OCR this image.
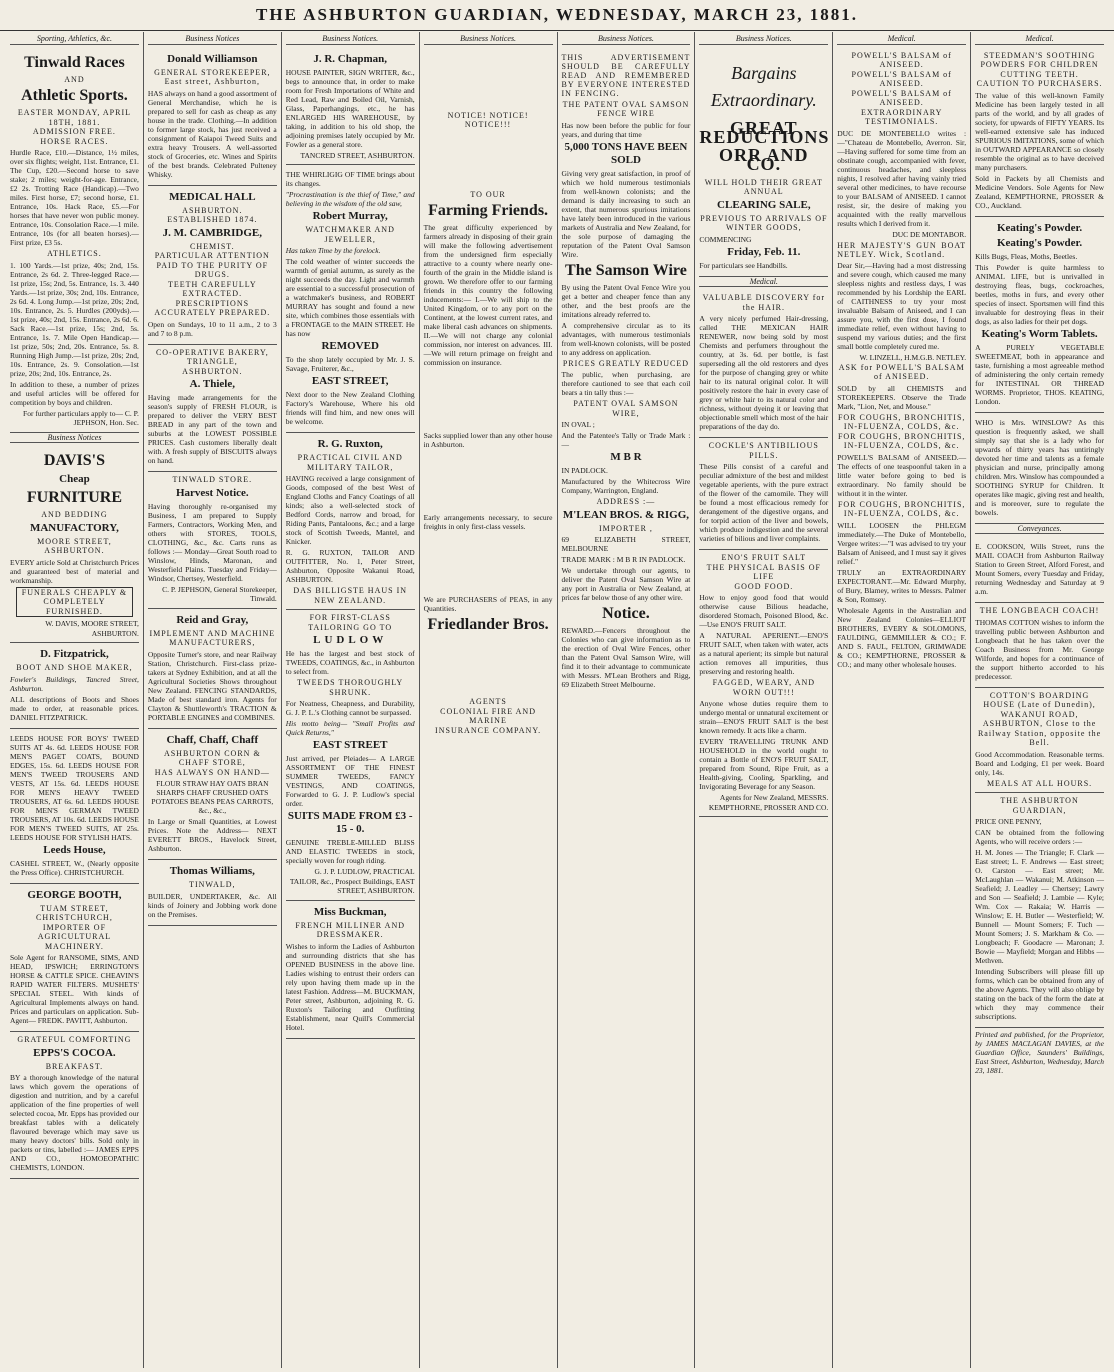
THE ASHBURTON GUARDIAN, WEDNESDAY, MARCH 23, 1881.
Sporting, Athletics, &c.
Tinwald Races
AND
Athletic Sports.
EASTER MONDAY, APRIL 18TH, 1881.
ADMISSION FREE.
HORSE RACES.
Hurdle Race, £10.—Distance, 1½ miles, over six flights; weight, 11st. Entrance, £1. The Cup, £20.—Second horse to save stake; 2 miles; weight-for-age. Entrance, £2 2s. Trotting Race (Handicap).—Two miles. First horse, £7; second horse, £1. Entrance, 10s. Hack Race, £5.—For horses that have never won public money. Entrance, 10s. Consolation Race.—1 mile. Entrance, 10s (for all beaten horses).—First prize, £3 5s.
ATHLETICS.
1. 100 Yards.—1st prize, 40s; 2nd, 15s. Entrance, 2s 6d. 2. Three-legged Race.—1st prize, 15s; 2nd, 5s. Entrance, 1s. 3. 440 Yards.—1st prize, 30s; 2nd, 10s. Entrance, 2s 6d. 4. Long Jump.—1st prize, 20s; 2nd, 10s. Entrance, 2s. 5. Hurdles (200yds).—1st prize, 40s; 2nd, 15s. Entrance, 2s 6d. 6. Sack Race.—1st prize, 15s; 2nd, 5s. Entrance, 1s. 7. Mile Open Handicap.—1st prize, 50s; 2nd, 20s. Entrance, 5s. 8. Running High Jump.—1st prize, 20s; 2nd, 10s. Entrance, 2s. 9. Consolation.—1st prize, 20s; 2nd, 10s. Entrance, 2s.
In addition to these, a number of prizes and useful articles will be offered for competition by boys and children.
For further particulars apply to— C. P. JEPHSON, Hon. Sec.
Business Notices
DAVIS'S
Cheap
FURNITURE
AND BEDDING
MANUFACTORY,
MOORE STREET, ASHBURTON.
EVERY article Sold at Christchurch Prices and guaranteed best of material and workmanship.
FUNERALS CHEAPLY & COMPLETELY FURNISHED.
W. DAVIS, MOORE STREET, ASHBURTON.
D. Fitzpatrick,
BOOT AND SHOE MAKER,
Fowler's Buildings, Tancred Street, Ashburton.
ALL descriptions of Boots and Shoes made to order, at reasonable prices. DANIEL FITZPATRICK.
LEEDS HOUSE FOR BOYS' TWEED SUITS AT 4s. 6d. LEEDS HOUSE FOR MEN'S PAGET COATS, BOUND EDGES, 15s. 6d. LEEDS HOUSE FOR MEN'S TWEED TROUSERS AND VESTS, AT 15s. 6d. LEEDS HOUSE FOR MEN'S HEAVY TWEED TROUSERS, AT 6s. 6d. LEEDS HOUSE FOR MEN'S GERMAN TWEED TROUSERS, AT 10s. 6d. LEEDS HOUSE FOR MEN'S TWEED SUITS, AT 25s. LEEDS HOUSE FOR STYLISH HATS.
Leeds House,
CASHEL STREET, W., (Nearly opposite the Press Office). CHRISTCHURCH.
GEORGE BOOTH,
TUAM STREET, CHRISTCHURCH,
IMPORTER OF AGRICULTURAL MACHINERY.
Sole Agent for RANSOME, SIMS, AND HEAD, IPSWICH; ERRINGTON'S HORSE & CATTLE SPICE. CHEAVIN'S RAPID WATER FILTERS. MUSHETS' SPECIAL STEEL. With kinds of Agricultural Implements always on hand. Prices and particulars on application. Sub-Agent— FREDK. PAVITT, Ashburton.
GRATEFUL COMFORTING
EPPS'S COCOA.
BREAKFAST.
BY a thorough knowledge of the natural laws which govern the operations of digestion and nutrition, and by a careful application of the fine properties of well selected cocoa, Mr. Epps has provided our breakfast tables with a delicately flavoured beverage which may save us many heavy doctors' bills. Sold only in packets or tins, labelled :— JAMES EPPS AND CO., HOMOEOPATHIC CHEMISTS, LONDON.
Business Notices
Donald Williamson
GENERAL STOREKEEPER, East street, Ashburton,
HAS always on hand a good assortment of General Merchandise, which he is prepared to sell for cash as cheap as any house in the trade. Clothing.—In addition to former large stock, has just received a consignment of Kaiapoi Tweed Suits and extra heavy Trousers. A well-assorted stock of Groceries, etc. Wines and Spirits of the best brands. Celebrated Pulteney Whisky.
MEDICAL HALL
ASHBURTON.
ESTABLISHED 1874.
J. M. CAMBRIDGE,
CHEMIST.
PARTICULAR ATTENTION PAID TO THE PURITY OF DRUGS.
TEETH CAREFULLY EXTRACTED.
PRESCRIPTIONS ACCURATELY PREPARED.
Open on Sundays, 10 to 11 a.m., 2 to 3 and 7 to 8 p.m.
CO-OPERATIVE BAKERY,
TRIANGLE,
ASHBURTON.
A. Thiele,
Having made arrangements for the season's supply of FRESH FLOUR, is prepared to deliver the VERY BEST BREAD in any part of the town and suburbs at the LOWEST POSSIBLE PRICES. Cash customers liberally dealt with. A fresh supply of BISCUITS always on hand.
TINWALD STORE.
Harvest Notice.
Having thoroughly re-organised my Business, I am prepared to Supply Farmers, Contractors, Working Men, and others with STORES, TOOLS, CLOTHING, &c., &c. Carts runs as follows :— Monday—Great South road to Winslow, Hinds, Maronan, and Westerfield Plains. Tuesday and Friday—Windsor, Chertsey, Westerfield.
C. P. JEPHSON, General Storekeeper, Tinwald.
Reid and Gray,
IMPLEMENT AND MACHINE MANUFACTURERS,
Opposite Turner's store, and near Railway Station, Christchurch. First-class prize-takers at Sydney Exhibition, and at all the Agricultural Societies Shows throughout New Zealand. FENCING STANDARDS, Made of best standard iron. Agents for Clayton & Shuttleworth's TRACTION & PORTABLE ENGINES and COMBINES.
Chaff, Chaff, Chaff
ASHBURTON CORN & CHAFF STORE,
HAS ALWAYS ON HAND—
FLOUR STRAW HAY OATS BRAN SHARPS CHAFF CRUSHED OATS POTATOES BEANS PEAS CARROTS, &c., &c.,
In Large or Small Quantities, at Lowest Prices. Note the Address— NEXT EVERETT BROS., Havelock Street, Ashburton.
Thomas Williams,
TINWALD,
BUILDER, UNDERTAKER, &c. All kinds of Joinery and Jobbing work done on the Premises.
Business Notices.
J. R. Chapman,
HOUSE PAINTER, SIGN WRITER, &c., begs to announce that, in order to make room for Fresh Importations of White and Red Lead, Raw and Boiled Oil, Varnish, Glass, Paperhangings, etc., he has ENLARGED HIS WAREHOUSE, by taking, in addition to his old shop, the adjoining premises lately occupied by Mr. Fowler as a general store.
TANCRED STREET, ASHBURTON.
THE WHIRLIGIG OF TIME brings about its changes.
"Procrastination is the thief of Time," and believing in the wisdom of the old saw,
Robert Murray,
WATCHMAKER AND JEWELLER,
Has taken Time by the forelock.
The cold weather of winter succeeds the warmth of genial autumn, as surely as the night succeeds the day. Light and warmth are essential to a successful prosecution of a watchmaker's business, and ROBERT MURRAY has sought and found a new site, which combines those essentials with a FRONTAGE to the MAIN STREET. He has now
REMOVED
To the shop lately occupied by Mr. J. S. Savage, Fruiterer, &c.,
EAST STREET,
Next door to the New Zealand Clothing Factory's Warehouse, Where his old friends will find him, and new ones will be welcome.
R. G. Ruxton,
PRACTICAL CIVIL AND MILITARY TAILOR,
HAVING received a large consignment of Goods, composed of the best West of England Cloths and Fancy Coatings of all kinds; also a well-selected stock of Bedford Cords, narrow and broad, for Riding Pants, Pantaloons, &c.; and a large stock of Scottish Tweeds, Mantel, and Knicker.
R. G. RUXTON, TAILOR AND OUTFITTER, No. 1, Peter Street, Ashburton, Opposite Wakanui Road, ASHBURTON.
DAS BILLIGSTE HAUS IN NEW ZEALAND.
FOR FIRST-CLASS TAILORING GO TO
LUDLOW
He has the largest and best stock of TWEEDS, COATINGS, &c., in Ashburton to select from.
TWEEDS THOROUGHLY SHRUNK.
For Neatness, Cheapness, and Durability, G. J. P. L.'s Clothing cannot be surpassed.
His motto being— "Small Profits and Quick Returns,"
EAST STREET
Just arrived, per Pleiades— A LARGE ASSORTMENT OF THE FINEST SUMMER TWEEDS, FANCY VESTINGS, AND COATINGS, Forwarded to G. J. P. Ludlow's special order.
SUITS MADE FROM £3 - 15 - 0.
GENUINE TREBLE-MILLED BLISS AND ELASTIC TWEEDS in stock, specially woven for rough riding.
G. J. P. LUDLOW, PRACTICAL TAILOR, &c., Prospect Buildings, EAST STREET, ASHBURTON.
Miss Buckman,
FRENCH MILLINER AND DRESSMAKER.
Wishes to inform the Ladies of Ashburton and surrounding districts that she has OPENED BUSINESS in the above line. Ladies wishing to entrust their orders can rely upon having them made up in the latest Fashion. Address—M. BUCKMAN, Peter street, Ashburton, adjoining R. G. Ruxton's Tailoring and Outfitting Establishment, near Quill's Commercial Hotel.
Business Notices.
NOTICE! NOTICE! NOTICE!!!
TO OUR
Farming Friends.
The great difficulty experienced by farmers already in disposing of their grain will make the following advertisement from the undersigned firm especially attractive to a county where nearly one-fourth of the grain in the Middle island is grown. We therefore offer to our farming friends in this country the following inducements:— I.—We will ship to the United Kingdom, or to any port on the Continent, at the lowest current rates, and make liberal cash advances on shipments. II.—We will not charge any colonial commission, nor interest on advances. III.—We will return primage on freight and commission on insurance.
Sacks supplied lower than any other house in Ashburton.
Early arrangements necessary, to secure freights in only first-class vessels.
We are PURCHASERS of PEAS, in any Quantities.
Friedlander Bros.
AGENTS
COLONIAL FIRE AND MARINE
INSURANCE COMPANY.
Business Notices.
THIS ADVERTISEMENT SHOULD BE CAREFULLY READ AND REMEMBERED BY EVERYONE INTERESTED IN FENCING.
THE PATENT OVAL SAMSON FENCE WIRE
Has now been before the public for four years, and during that time
5,000 TONS HAVE BEEN SOLD
Giving very great satisfaction, in proof of which we hold numerous testimonials from well-known colonists; and the demand is daily increasing to such an extent, that numerous spurious imitations have lately been introduced in the various markets of Australia and New Zealand, for the sole purpose of damaging the reputation of the Patent Oval Samson Wire.
The Samson Wire
By using the Patent Oval Fence Wire you get a better and cheaper fence than any other, and the best proofs are the imitations already referred to.
A comprehensive circular as to its advantages, with numerous testimonials from well-known colonists, will be posted to any address on application.
PRICES GREATLY REDUCED
The public, when purchasing, are therefore cautioned to see that each coil bears a tin tally thus :—
PATENT OVAL SAMSON WIRE,
IN OVAL ;
And the Patentee's Tally or Trade Mark :—
M B R
IN PADLOCK.
Manufactured by the Whitecross Wire Company, Warrington, England.
ADDRESS :—
M'LEAN BROS. & RIGG,
IMPORTER ,
69 ELIZABETH STREET, MELBOURNE
TRADE MARK : M B R IN PADLOCK.
We undertake through our agents, to deliver the Patent Oval Samson Wire at any port in Australia or New Zealand, at prices far below those of any other wire.
Notice.
REWARD.—Fencers throughout the Colonies who can give information as to the erection of Oval Wire Fences, other than the Patent Oval Samson Wire, will find it to their advantage to communicate with Messrs. M'Lean Brothers and Rigg, 69 Elizabeth Street Melbourne.
Business Notices.
Bargains
Extraordinary.
GREAT REDUCTIONS
ORR AND CO.
WILL HOLD THEIR GREAT
ANNUAL
CLEARING SALE,
PREVIOUS TO ARRIVALS OF
WINTER GOODS,
COMMENCING
Friday, Feb. 11.
For particulars see Handbills.
Medical.
VALUABLE DISCOVERY for the HAIR.
A very nicely perfumed Hair-dressing, called THE MEXICAN HAIR RENEWER, now being sold by most Chemists and perfumers throughout the country, at 3s. 6d. per bottle, is fast superseding all the old restorers and dyes for the purpose of changing grey or white hair to its natural original color. It will positively restore the hair in every case of grey or white hair to its natural color and richness, without dyeing it or leaving that objectionable smell which most of the hair preparations of the day do.
COCKLE'S ANTIBILIOUS PILLS.
These Pills consist of a careful and peculiar admixture of the best and mildest vegetable aperients, with the pure extract of the flower of the camomile. They will be found a most efficacious remedy for derangement of the digestive organs, and for torpid action of the liver and bowels, which produce indigestion and the several varieties of bilious and liver complaints.
ENO'S FRUIT SALT
THE PHYSICAL BASIS OF LIFE
GOOD FOOD.
How to enjoy good food that would otherwise cause Bilious headache, disordered Stomach, Poisoned Blood, &c.—Use ENO'S FRUIT SALT.
A NATURAL APERIENT.—ENO'S FRUIT SALT, when taken with water, acts as a natural aperient; its simple but natural action removes all impurities, thus preserving and restoring health.
FAGGED, WEARY, AND WORN OUT!!!
Anyone whose duties require them to undergo mental or unnatural excitement or strain—ENO'S FRUIT SALT is the best known remedy. It acts like a charm.
EVERY TRAVELLING TRUNK AND HOUSEHOLD in the world ought to contain a Bottle of ENO'S FRUIT SALT, prepared from Sound, Ripe Fruit, as a Health-giving, Cooling, Sparkling, and Invigorating Beverage for any Season.
Agents for New Zealand, MESSRS. KEMPTHORNE, PROSSER AND CO.
Medical.
POWELL'S BALSAM of ANISEED.
POWELL'S BALSAM of ANISEED.
POWELL'S BALSAM of ANISEED.
EXTRAORDINARY TESTIMONIALS.
DUC DE MONTEBELLO writes :—"Chateau de Montebello, Averron. Sir,—Having suffered for some time from an obstinate cough, accompanied with fever, continuous headaches, and sleepless nights, I resolved after having vainly tried several other medicines, to have recourse to your BALSAM of ANISEED. I cannot resist, sir, the desire of making you acquainted with the really marvellous results which I derived from it.
DUC DE MONTABOR.
HER MAJESTY'S GUN BOAT NETLEY. Wick, Scotland.
Dear Sir,—Having had a most distressing and severe cough, which caused me many sleepless nights and restless days, I was recommended by his Lordship the EARL of CAITHNESS to try your most invaluable Balsam of Aniseed, and I can assure you, with the first dose, I found immediate relief, even without having to suspend my various duties; and the first small bottle completely cured me.
W. LINZELL, H.M.G.B. NETLEY.
ASK for POWELL'S BALSAM of ANISEED.
SOLD by all CHEMISTS and STOREKEEPERS. Observe the Trade Mark, "Lion, Net, and Mouse."
FOR COUGHS, BRONCHITIS, IN-FLUENZA, COLDS, &c.
FOR COUGHS, BRONCHITIS, IN-FLUENZA, COLDS, &c.
POWELL'S BALSAM of ANISEED.—The effects of one teaspoonful taken in a little water before going to bed is extraordinary. No family should be without it in the winter.
FOR COUGHS, BRONCHITIS, IN-FLUENZA, COLDS, &c.
WILL LOOSEN the PHLEGM immediately.—The Duke of Montebello, Vergee writes:—"I was advised to try your Balsam of Aniseed, and I must say it gives relief."
TRULY an EXTRAORDINARY EXPECTORANT.—Mr. Edward Murphy, of Bury, Blamey, writes to Messrs. Palmer & Son, Romsey.
Wholesale Agents in the Australian and New Zealand Colonies—ELLIOT BROTHERS, EVERY & SOLOMONS, FAULDING, GEMMILLER & CO.; F. AND S. FAUL, FELTON, GRIMWADE & CO.; KEMPTHORNE, PROSSER & CO.; and many other wholesale houses.
Medical.
STEEDMAN'S SOOTHING POWDERS FOR CHILDREN CUTTING TEETH.
CAUTION TO PURCHASERS.
The value of this well-known Family Medicine has been largely tested in all parts of the world, and by all grades of society, for upwards of FIFTY YEARS. Its well-earned extensive sale has induced SPURIOUS IMITATIONS, some of which in OUTWARD APPEARANCE so closely resemble the original as to have deceived many purchasers.
Sold in Packets by all Chemists and Medicine Vendors. Sole Agents for New Zealand, KEMPTHORNE, PROSSER & CO., Auckland.
Keating's Powder.
Keating's Powder.
Kills Bugs, Fleas, Moths, Beetles.
This Powder is quite harmless to ANIMAL LIFE, but is unrivalled in destroying fleas, bugs, cockroaches, beetles, moths in furs, and every other species of insect. Sportsmen will find this invaluable for destroying fleas in their dogs, as also ladies for their pet dogs.
Keating's Worm Tablets.
A PURELY VEGETABLE SWEETMEAT, both in appearance and taste, furnishing a most agreeable method of administering the only certain remedy for INTESTINAL OR THREAD WORMS. Proprietor, THOS. KEATING, London.
WHO is Mrs. WINSLOW? As this question is frequently asked, we shall simply say that she is a lady who for upwards of thirty years has untiringly devoted her time and talents as a female physician and nurse, principally among children. Mrs. Winslow has compounded a SOOTHING SYRUP for Children. It operates like magic, giving rest and health, and is moreover, sure to regulate the bowels.
Conveyances.
E. COOKSON, Wills Street, runs the MAIL COACH from Ashburton Railway Station to Green Street, Alford Forest, and Mount Somers, every Tuesday and Friday, returning Wednesday and Saturday at 9 a.m.
THE LONGBEACH COACH!
THOMAS COTTON wishes to inform the travelling public between Ashburton and Longbeach that he has taken over the Coach Business from Mr. George Wilforde, and hopes for a continuance of the support hitherto accorded to his predecessor.
COTTON'S BOARDING HOUSE (Late of Dunedin), WAKANUI ROAD, ASHBURTON, Close to the Railway Station, opposite the Bell.
Good Accommodation. Reasonable terms. Board and Lodging, £1 per week. Board only, 14s.
MEALS AT ALL HOURS.
THE ASHBURTON GUARDIAN,
PRICE ONE PENNY,
CAN be obtained from the following Agents, who will receive orders :—
H. M. Jones — The Triangle; F. Clark — East street; L. F. Andrews — East street; O. Carston — East street; Mr. McLaughlan — Wakanui; M. Atkinson — Seafield; J. Leadley — Chertsey; Lawry and Son — Seafield; J. Lambie — Kyle; Wm. Cox — Rakaia; W. Harris — Winslow; E. H. Butler — Westerfield; W. Bunnell — Mount Somers; F. Tuch — Mount Somers; J. S. Markham & Co. — Longbeach; F. Goodacre — Maronan; J. Bowie — Mayfield; Morgan and Hibbs — Methven.
Intending Subscribers will please fill up forms, which can be obtained from any of the above Agents. They will also oblige by stating on the back of the form the date at which they may commence their subscriptions.
Printed and published, for the Proprietor, by JAMES MACLAGAN DAVIES, at the Guardian Office, Saunders' Buildings, East Street, Ashburton, Wednesday, March 23, 1881.
